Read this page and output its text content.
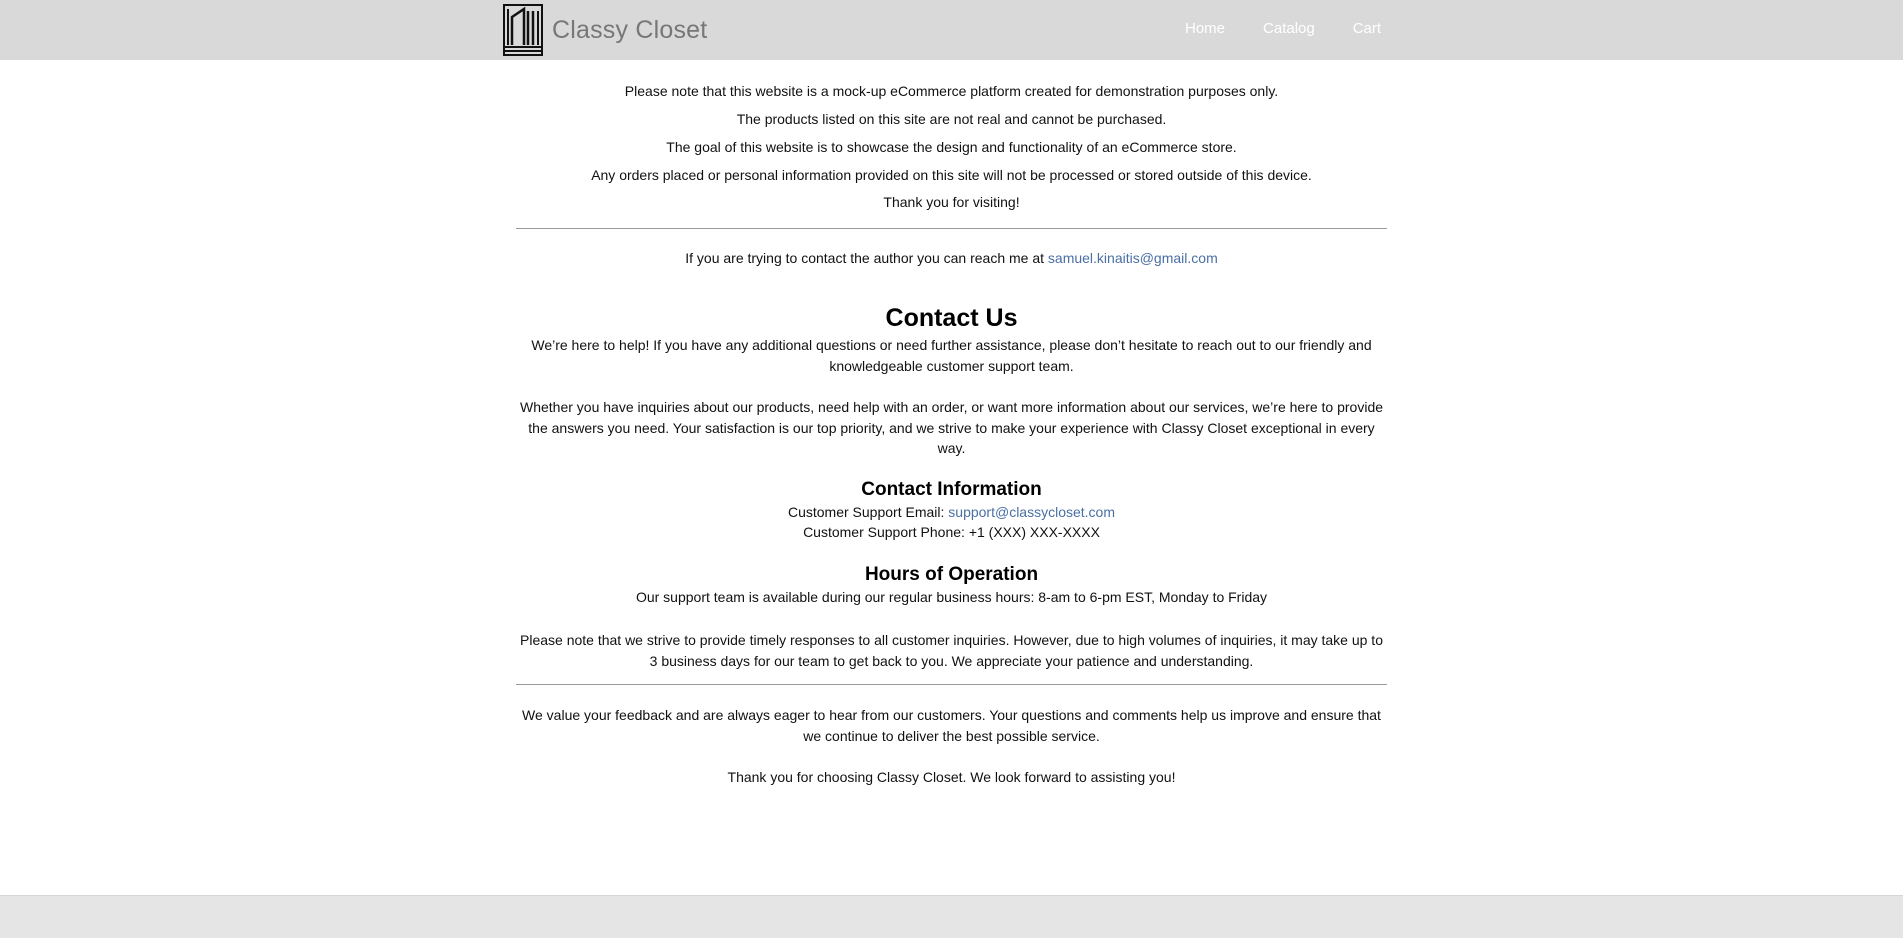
Classy Closet	Home	Catalog	Cart

Please note that this website is a mock-up eCommerce platform created for demonstration purposes only.

The products listed on this site are not real and cannot be purchased.

The goal of this website is to showcase the design and functionality of an eCommerce store.

Any orders placed or personal information provided on this site will not be processed or stored outside of this device.

Thank you for visiting!

If you are trying to contact the author you can reach me at samuel.kinaitis@gmail.com

Contact Us

We’re here to help! If you have any additional questions or need further assistance, please don’t hesitate to reach out to our friendly and knowledgeable customer support team.

Whether you have inquiries about our products, need help with an order, or want more information about our services, we’re here to provide the answers you need. Your satisfaction is our top priority, and we strive to make your experience with Classy Closet exceptional in every way.

Contact Information

Customer Support Email: support@classycloset.com

Customer Support Phone: +1 (XXX) XXX-XXXX

Hours of Operation

Our support team is available during our regular business hours: 8-am to 6-pm EST, Monday to Friday

Please note that we strive to provide timely responses to all customer inquiries. However, due to high volumes of inquiries, it may take up to 3 business days for our team to get back to you. We appreciate your patience and understanding.

We value your feedback and are always eager to hear from our customers. Your questions and comments help us improve and ensure that we continue to deliver the best possible service.

Thank you for choosing Classy Closet. We look forward to assisting you!
